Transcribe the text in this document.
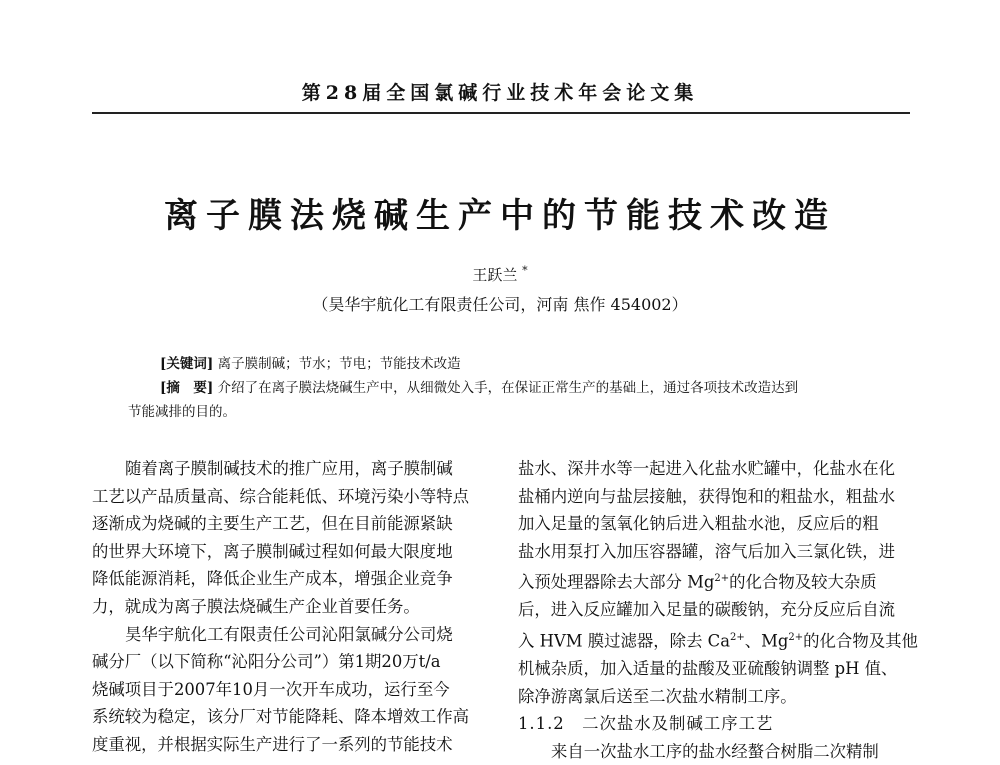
第28届全国氯碱行业技术年会论文集
离子膜法烧碱生产中的节能技术改造
王跃兰 *
（昊华宇航化工有限责任公司，河南 焦作 454002）
[关键词] 离子膜制碱；节水；节电；节能技术改造
[摘　要] 介绍了在离子膜法烧碱生产中，从细微处入手，在保证正常生产的基础上，通过各项技术改造达到
节能减排的目的。
随着离子膜制碱技术的推广应用，离子膜制碱
工艺以产品质量高、综合能耗低、环境污染小等特点
逐渐成为烧碱的主要生产工艺，但在目前能源紧缺
的世界大环境下，离子膜制碱过程如何最大限度地
降低能源消耗，降低企业生产成本，增强企业竞争
力，就成为离子膜法烧碱生产企业首要任务。
昊华宇航化工有限责任公司沁阳氯碱分公司烧
碱分厂（以下简称“沁阳分公司”）第1期20万t/a
烧碱项目于2007年10月一次开车成功，运行至今
系统较为稳定，该分厂对节能降耗、降本增效工作高
度重视，并根据实际生产进行了一系列的节能技术
盐水、深井水等一起进入化盐水贮罐中，化盐水在化
盐桶内逆向与盐层接触，获得饱和的粗盐水，粗盐水
加入足量的氢氧化钠后进入粗盐水池，反应后的粗
盐水用泵打入加压容器罐，溶气后加入三氯化铁，进
入预处理器除去大部分 $Mg^{2+}$的化合物及较大杂质
后，进入反应罐加入足量的碳酸钠，充分反应后自流
入 HVM 膜过滤器，除去 $Ca^{2+}$、$Mg^{2+}$的化合物及其他
机械杂质，加入适量的盐酸及亚硫酸钠调整 pH 值、
除净游离氯后送至二次盐水精制工序。
1.1.2　二次盐水及制碱工序工艺
来自一次盐水工序的盐水经螯合树脂二次精制
